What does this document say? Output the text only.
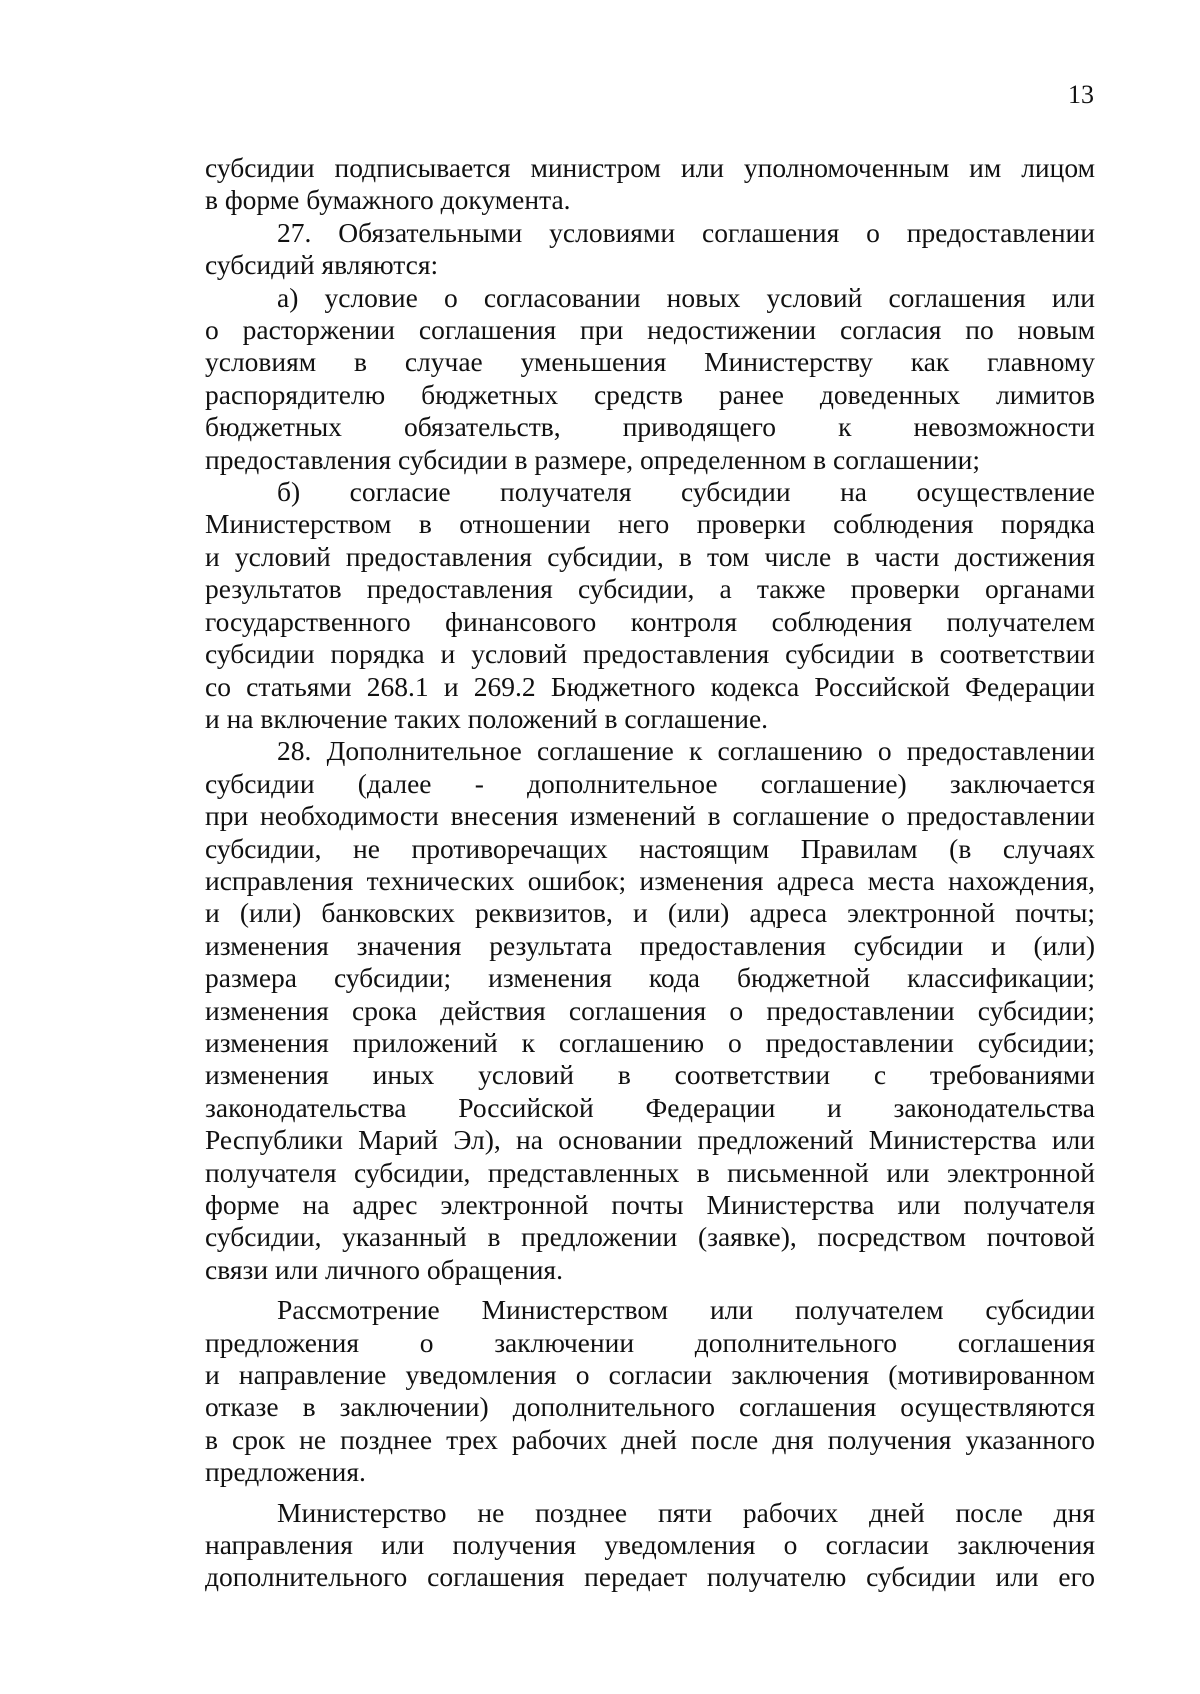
13
субсидии подписывается министром или уполномоченным им лицом
в форме бумажного документа.
27. Обязательными условиями соглашения о предоставлении
субсидий являются:
а) условие о согласовании новых условий соглашения или
о расторжении соглашения при недостижении согласия по новым
условиям в случае уменьшения Министерству как главному
распорядителю бюджетных средств ранее доведенных лимитов
бюджетных обязательств, приводящего к невозможности
предоставления субсидии в размере, определенном в соглашении;
б) согласие получателя субсидии на осуществление
Министерством в отношении него проверки соблюдения порядка
и условий предоставления субсидии, в том числе в части достижения
результатов предоставления субсидии, а также проверки органами
государственного финансового контроля соблюдения получателем
субсидии порядка и условий предоставления субсидии в соответствии
со статьями 268.1 и 269.2 Бюджетного кодекса Российской Федерации
и на включение таких положений в соглашение.
28. Дополнительное соглашение к соглашению о предоставлении
субсидии (далее - дополнительное соглашение) заключается
при необходимости внесения изменений в соглашение о предоставлении
субсидии, не противоречащих настоящим Правилам (в случаях
исправления технических ошибок; изменения адреса места нахождения,
и (или) банковских реквизитов, и (или) адреса электронной почты;
изменения значения результата предоставления субсидии и (или)
размера субсидии; изменения кода бюджетной классификации;
изменения срока действия соглашения о предоставлении субсидии;
изменения приложений к соглашению о предоставлении субсидии;
изменения иных условий в соответствии с требованиями
законодательства Российской Федерации и законодательства
Республики Марий Эл), на основании предложений Министерства или
получателя субсидии, представленных в письменной или электронной
форме на адрес электронной почты Министерства или получателя
субсидии, указанный в предложении (заявке), посредством почтовой
связи или личного обращения.
Рассмотрение Министерством или получателем субсидии
предложения о заключении дополнительного соглашения
и направление уведомления о согласии заключения (мотивированном
отказе в заключении) дополнительного соглашения осуществляются
в срок не позднее трех рабочих дней после дня получения указанного
предложения.
Министерство не позднее пяти рабочих дней после дня
направления или получения уведомления о согласии заключения
дополнительного соглашения передает получателю субсидии или его
